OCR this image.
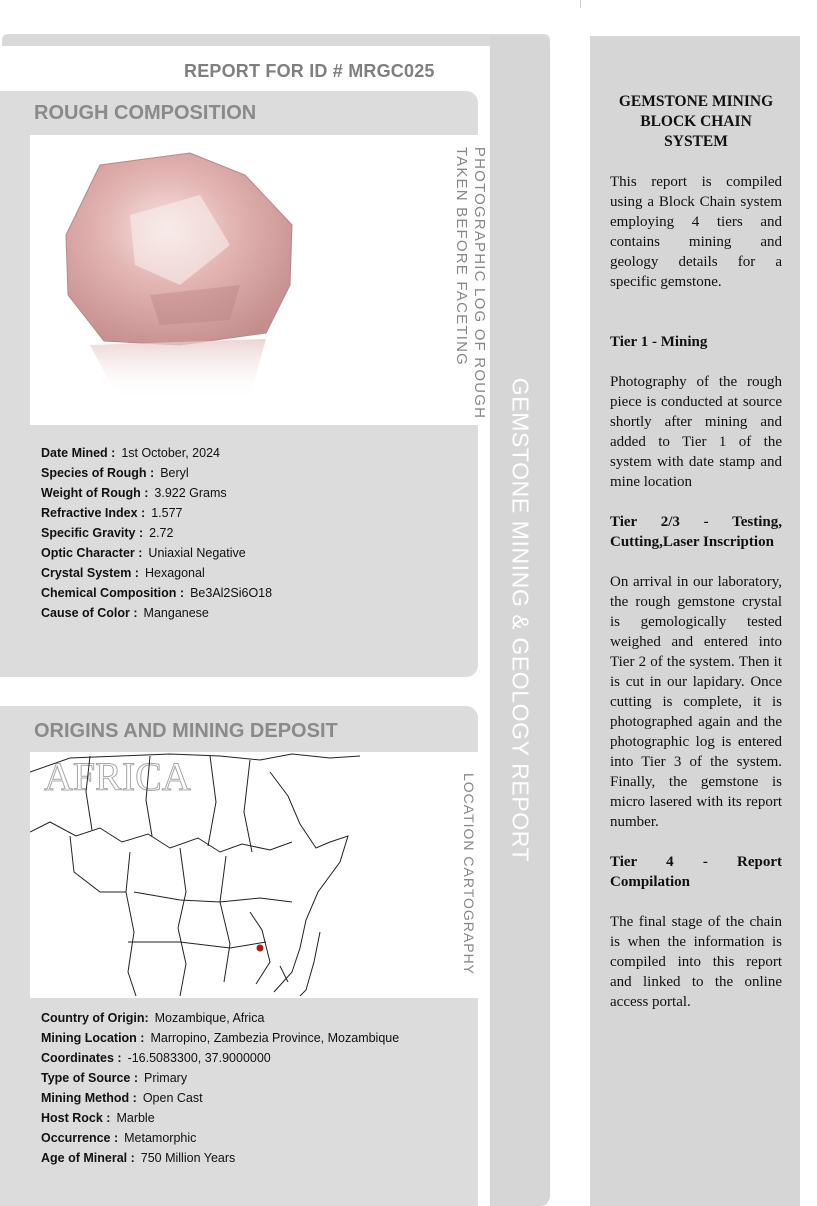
REPORT FOR ID # MRGC025
GEMSTONE MINING & GEOLOGY REPORT
ROUGH COMPOSITION
PHOTOGRAPHIC LOG OF ROUGH
TAKEN BEFORE FACETING
Date Mined : 1st October, 2024
Species of Rough : Beryl
Weight of Rough : 3.922 Grams
Refractive Index : 1.577
Specific Gravity : 2.72
Optic Character : Uniaxial Negative
Crystal System : Hexagonal
Chemical Composition : Be3Al2Si6O18
Cause of Color : Manganese
ORIGINS AND MINING DEPOSIT
AFRICA	LOCATION CARTOGRAPHY
Country of Origin: Mozambique, Africa
Mining Location : Marropino, Zambezia Province, Mozambique
Coordinates : -16.5083300, 37.9000000
Type of Source : Primary
Mining Method : Open Cast
Host Rock : Marble
Occurrence : Metamorphic
Age of Mineral : 750 Million Years
GEMSTONE MINING BLOCK CHAIN SYSTEM

This report is compiled using a Block Chain system employing 4 tiers and contains mining and geology details for a specific gemstone.

Tier 1 - Mining

Photography of the rough piece is conducted at source shortly after mining and added to Tier 1 of the system with date stamp and mine location

Tier 2/3 - Testing, Cutting,Laser Inscription

On arrival in our laboratory, the rough gemstone crystal is gemologically tested weighed and entered into Tier 2 of the system. Then it is cut in our lapidary. Once cutting is complete, it is photographed again and the photographic log is entered into Tier 3 of the system. Finally, the gemstone is micro lasered with its report number.

Tier 4 - Report Compilation

The final stage of the chain is when the information is compiled into this report and linked to the online access portal.
